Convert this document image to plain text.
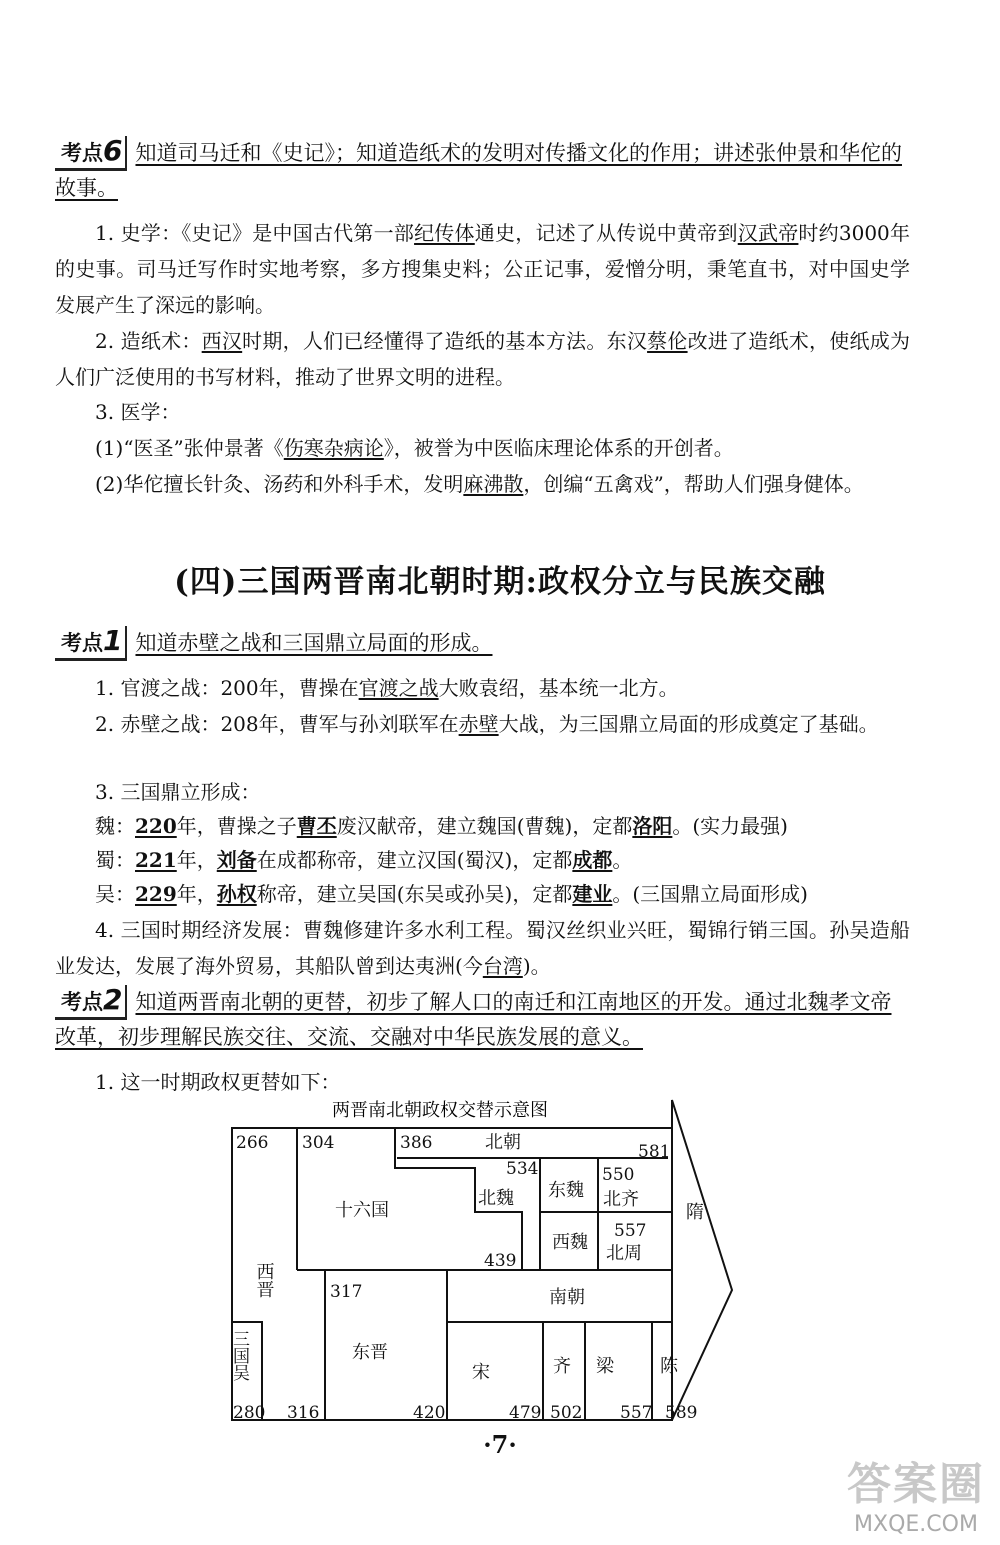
考点6 知道司马迁和《史记》；知道造纸术的发明对传播文化的作用；讲述张仲景和华佗的故事。
1. 史学：《史记》是中国古代第一部纪传体通史，记述了从传说中黄帝到汉武帝时约3000年的史事。司马迁写作时实地考察，多方搜集史料；公正记事，爱憎分明，秉笔直书，对中国史学发展产生了深远的影响。
2. 造纸术：西汉时期，人们已经懂得了造纸的基本方法。东汉蔡伦改进了造纸术，使纸成为人们广泛使用的书写材料，推动了世界文明的进程。
3. 医学：
(1)“医圣”张仲景著《伤寒杂病论》，被誉为中医临床理论体系的开创者。
(2)华佗擅长针灸、汤药和外科手术，发明麻沸散，创编“五禽戏”，帮助人们强身健体。
(四)三国两晋南北朝时期:政权分立与民族交融
考点1 知道赤壁之战和三国鼎立局面的形成。
1. 官渡之战：200年，曹操在官渡之战大败袁绍，基本统一北方。
2. 赤壁之战：208年，曹军与孙刘联军在赤壁大战，为三国鼎立局面的形成奠定了基础。
3. 三国鼎立形成：
魏：220年，曹操之子曹丕废汉献帝，建立魏国(曹魏)，定都洛阳。(实力最强)
蜀：221年，刘备在成都称帝，建立汉国(蜀汉)，定都成都。
吴：229年，孙权称帝，建立吴国(东吴或孙吴)，定都建业。(三国鼎立局面形成)
4. 三国时期经济发展：曹魏修建许多水利工程。蜀汉丝织业兴旺，蜀锦行销三国。孙吴造船业发达，发展了海外贸易，其船队曾到达夷洲(今台湾)。
考点2 知道两晋南北朝的更替，初步了解人口的南迁和江南地区的开发。通过北魏孝文帝改革，初步理解民族交往、交流、交融对中华民族发展的意义。
1. 这一时期政权更替如下：
两晋南北朝政权交替示意图
266 304	386	北朝	581
534	550
十六国
北魏 东魏 北齐
557
西魏
北周
隋
439
西晋	317	南朝
东晋
宋	齐 梁	陈
三国吴
280 316	420	479 502 557 589
·7·
答案圈
MXQE.COM
